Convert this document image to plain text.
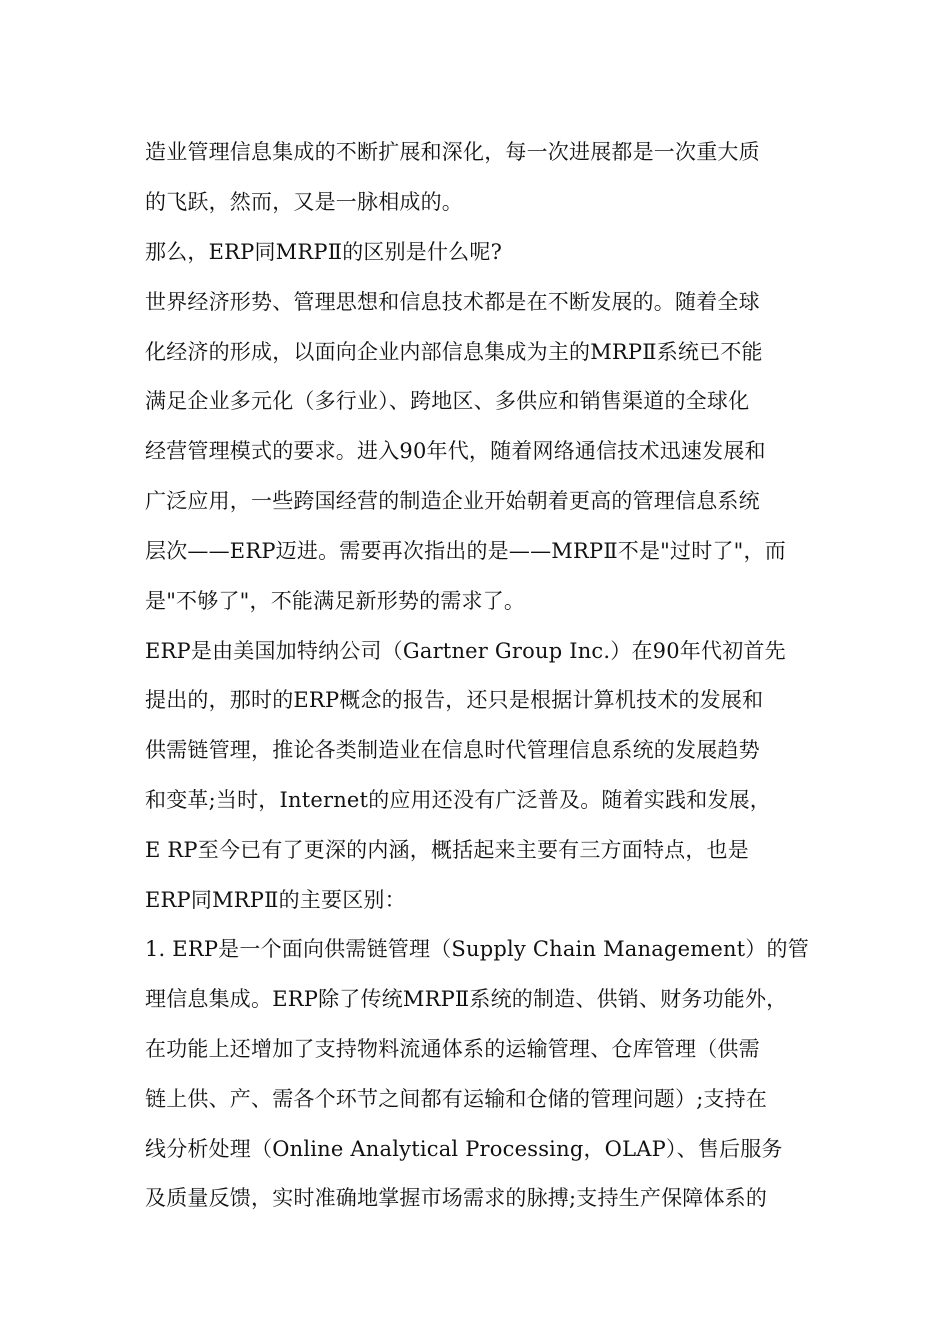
造业管理信息集成的不断扩展和深化，每一次进展都是一次重大质

的飞跃，然而，又是一脉相成的。

那么，ERP同MRPⅡ的区别是什么呢?

世界经济形势、管理思想和信息技术都是在不断发展的。随着全球

化经济的形成，以面向企业内部信息集成为主的MRPⅡ系统已不能

满足企业多元化（多行业）、跨地区、多供应和销售渠道的全球化

经营管理模式的要求。进入90年代，随着网络通信技术迅速发展和

广泛应用，一些跨国经营的制造企业开始朝着更高的管理信息系统

层次——ERP迈进。需要再次指出的是——MRPⅡ不是"过时了"，而

是"不够了"，不能满足新形势的需求了。

ERP是由美国加特纳公司（Gartner Group Inc.）在90年代初首先

提出的，那时的ERP概念的报告，还只是根据计算机技术的发展和

供需链管理，推论各类制造业在信息时代管理信息系统的发展趋势

和变革;当时，Internet的应用还没有广泛普及。随着实践和发展，

E RP至今已有了更深的内涵，概括起来主要有三方面特点，也是

ERP同MRPⅡ的主要区别：

1. ERP是一个面向供需链管理（Supply Chain Management）的管

理信息集成。ERP除了传统MRPⅡ系统的制造、供销、财务功能外，

在功能上还增加了支持物料流通体系的运输管理、仓库管理（供需

链上供、产、需各个环节之间都有运输和仓储的管理问题）;支持在

线分析处理（Online Analytical Processing，OLAP）、售后服务

及质量反馈，实时准确地掌握市场需求的脉搏;支持生产保障体系的
